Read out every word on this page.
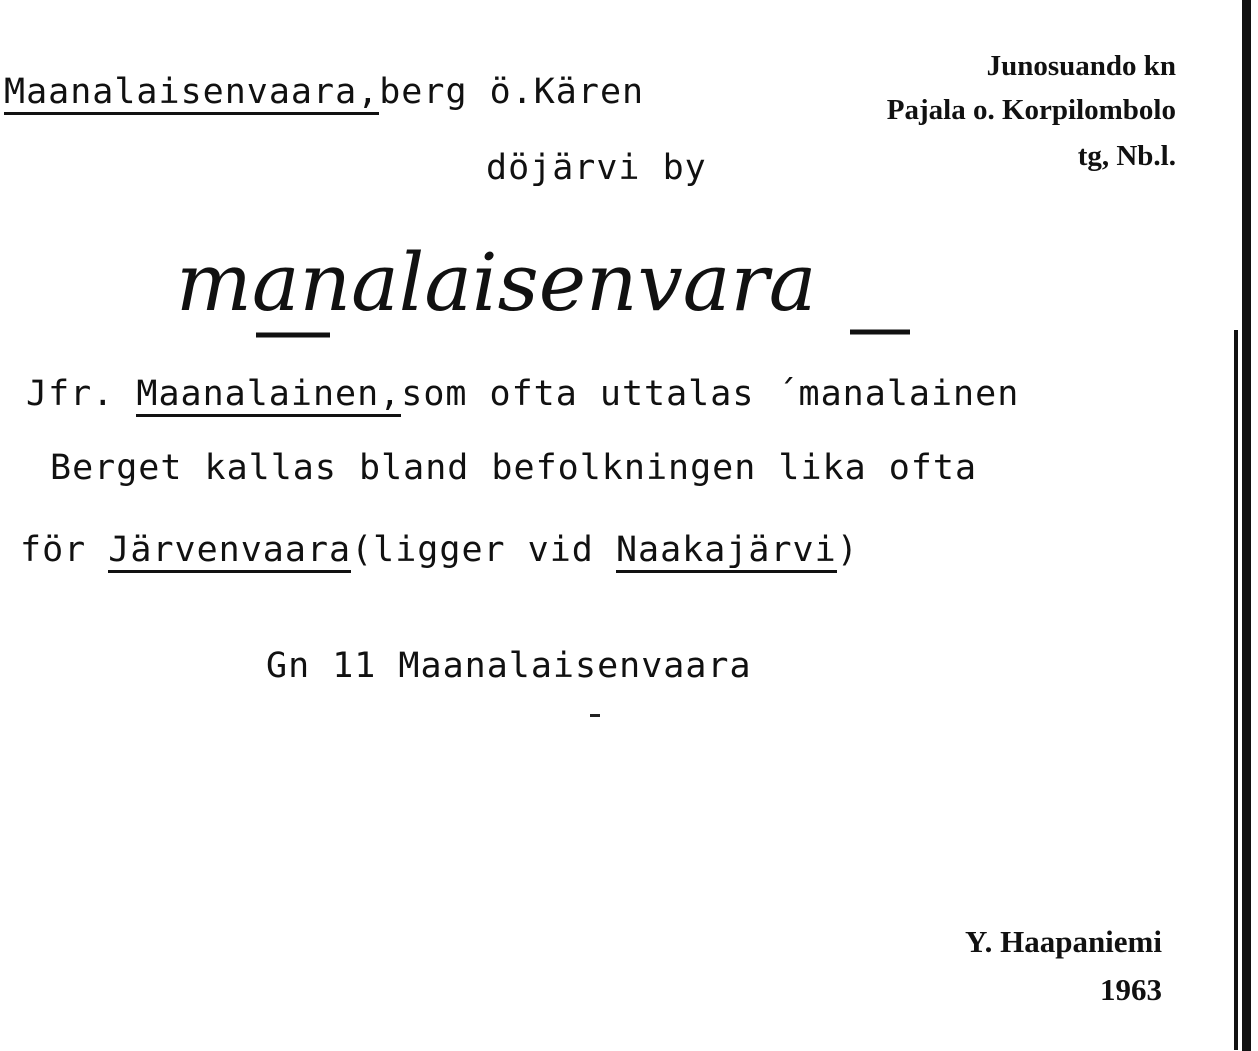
Maanalaisenvaara,berg ö.Kären
döjärvi by
Junosuando kn
Pajala o. Korpilombolo
tg, Nb.l.
manalaisenvara
Jfr. Maanalainen,som ofta uttalas ´manalainen
Berget kallas bland befolkningen lika ofta
för Järvenvaara(ligger vid Naakajärvi)
Gn 11 Maanalaisenvaara
Y. Haapaniemi
1963
